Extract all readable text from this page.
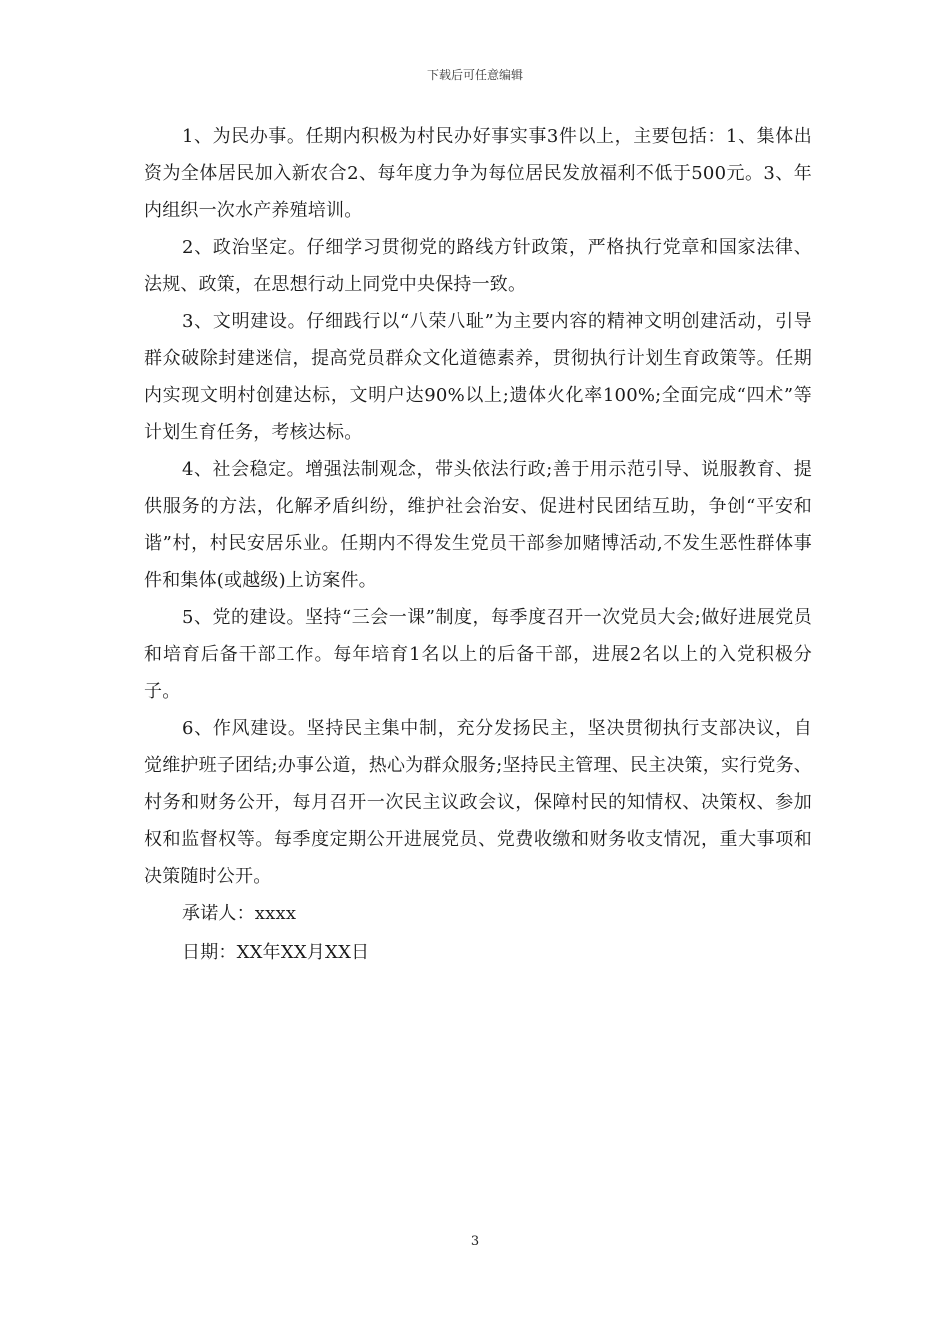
下载后可任意编辑

1、为民办事。任期内积极为村民办好事实事3件以上，主要包括：1、集体出资为全体居民加入新农合2、每年度力争为每位居民发放福利不低于500元。3、年内组织一次水产养殖培训。

2、政治坚定。仔细学习贯彻党的路线方针政策，严格执行党章和国家法律、法规、政策，在思想行动上同党中央保持一致。

3、文明建设。仔细践行以“八荣八耻”为主要内容的精神文明创建活动，引导群众破除封建迷信，提高党员群众文化道德素养，贯彻执行计划生育政策等。任期内实现文明村创建达标，文明户达90%以上;遗体火化率100%;全面完成“四术”等计划生育任务，考核达标。

4、社会稳定。增强法制观念，带头依法行政;善于用示范引导、说服教育、提供服务的方法，化解矛盾纠纷，维护社会治安、促进村民团结互助，争创“平安和谐”村，村民安居乐业。任期内不得发生党员干部参加赌博活动,不发生恶性群体事件和集体(或越级)上访案件。

5、党的建设。坚持“三会一课”制度，每季度召开一次党员大会;做好进展党员和培育后备干部工作。每年培育1名以上的后备干部，进展2名以上的入党积极分子。

6、作风建设。坚持民主集中制，充分发扬民主，坚决贯彻执行支部决议，自觉维护班子团结;办事公道，热心为群众服务;坚持民主管理、民主决策，实行党务、村务和财务公开，每月召开一次民主议政会议，保障村民的知情权、决策权、参加权和监督权等。每季度定期公开进展党员、党费收缴和财务收支情况，重大事项和决策随时公开。

承诺人：xxxx

日期：XX年XX月XX日

3
